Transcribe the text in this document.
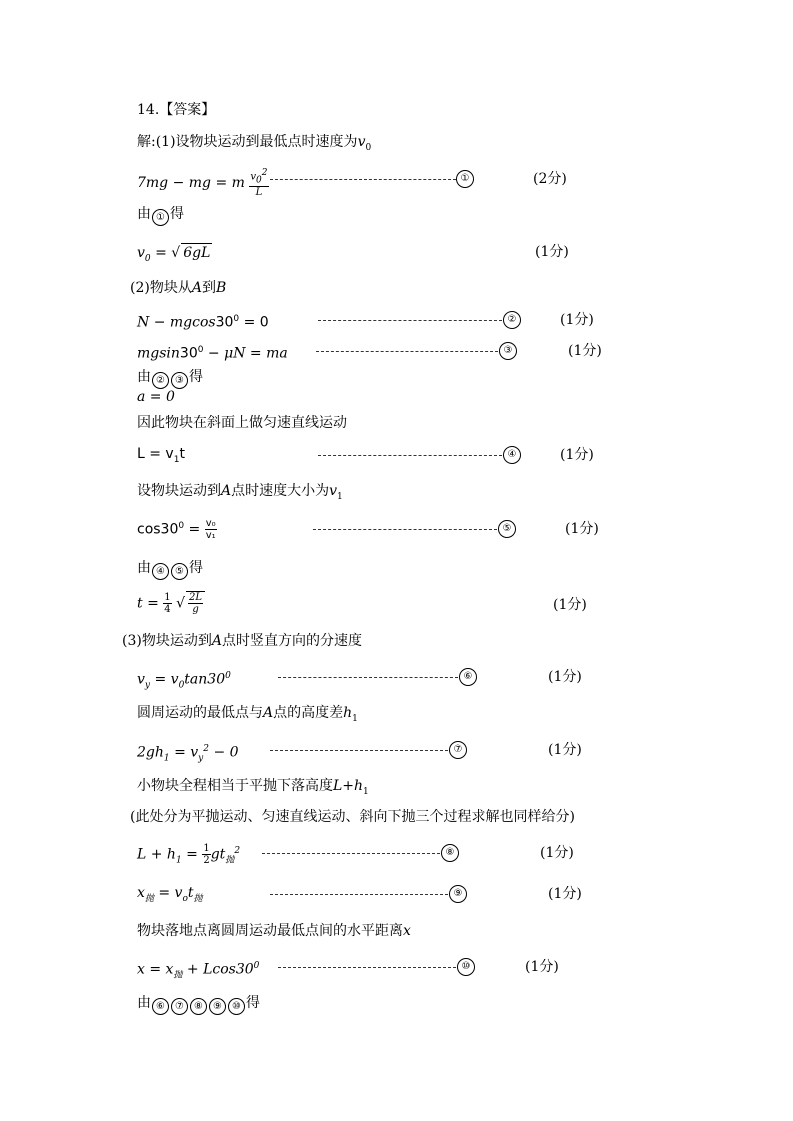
14.【答案】
解:(1)设物块运动到最低点时速度为$v_0$
7mg − mg = m $\frac{v_0^2}{L}$	①	(2分)
由 ① 得
$v_0$ = √ 6gL	(1分)
(2)物块从A到B
$N - mgcos30^0 = 0$	②	(1分)
$mgsin30^0 - \mu N$ = ma	③	(1分)
由 ② ③ 得
a = 0
因此物块在斜面上做匀速直线运动
$L = v_1t$	④	(1分)
设物块运动到A点时速度大小为$v_1$
$\cos 30^0 = \frac{\text{v₀}}{\text{v₁}}$	⑤	(1分)
由 ④ ⑤ 得
$t = \frac{1}{4}$ √ $\frac{2L}{g}$	(1分)
(3)物块运动到A点时竖直方向的分速度
$v_y = v_0\tan 30^0$	⑥	(1分)
圆周运动的最低点与A点的高度差$h_1$
$2gh_1 = v_y^2 - 0$	⑦	(1分)
小物块全程相当于平抛下落高度$L+h_1$
(此处分为平抛运动、匀速直线运动、斜向下抛三个过程求解也同样给分)
$L + h_1 = \frac{1}{2} gt_抛^2$	⑧	(1分)
$x_抛 = v_ot_抛$	⑨	(1分)
物块落地点离圆周运动最低点间的水平距离x
$x = x_抛 + Lcos30^0$	⑩	(1分)
由 ⑥ ⑦ ⑧ ⑨ ⑩ 得
